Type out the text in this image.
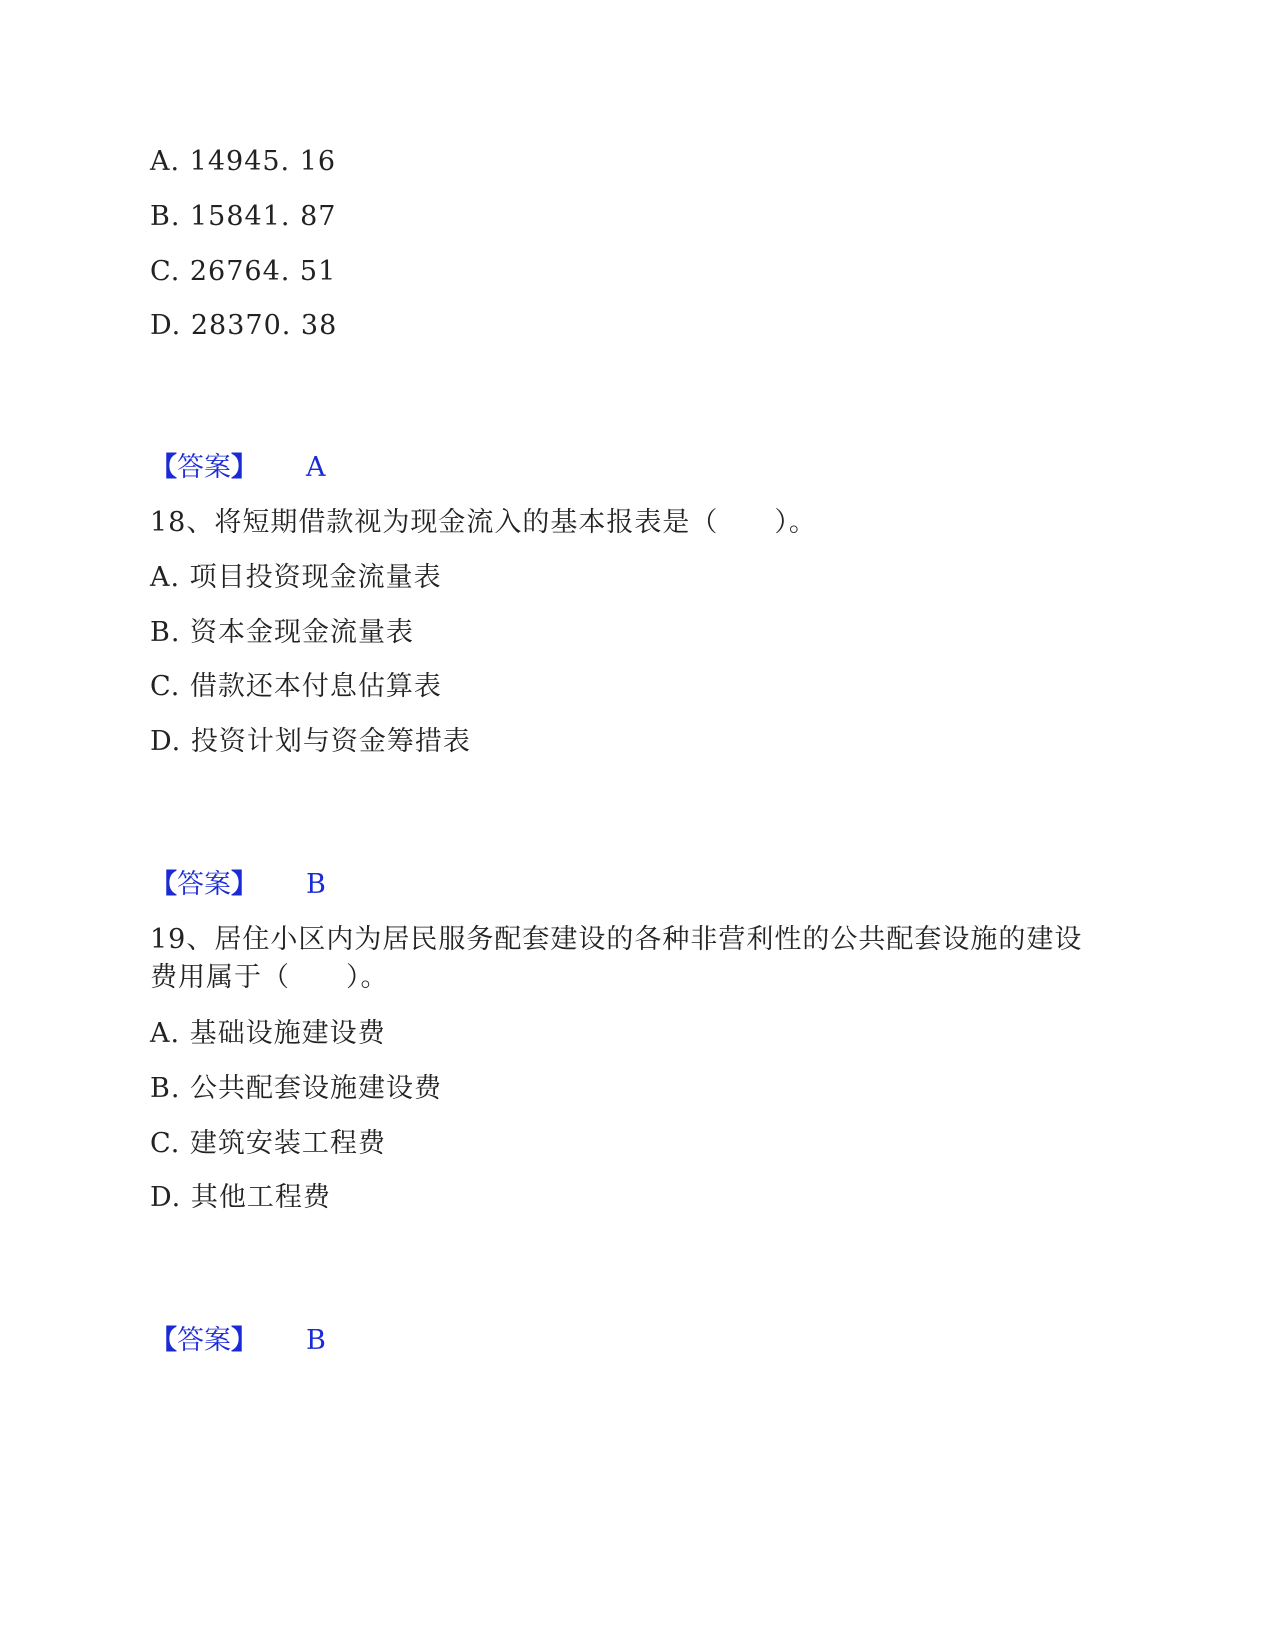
A. 14945. 16
B. 15841. 87
C. 26764. 51
D. 28370. 38
【答案】 A
18、将短期借款视为现金流入的基本报表是（　　）。
A. 项目投资现金流量表
B. 资本金现金流量表
C. 借款还本付息估算表
D. 投资计划与资金筹措表
【答案】 B
19、居住小区内为居民服务配套建设的各种非营利性的公共配套设施的建设
费用属于（　　）。
A. 基础设施建设费
B. 公共配套设施建设费
C. 建筑安装工程费
D. 其他工程费
【答案】 B
